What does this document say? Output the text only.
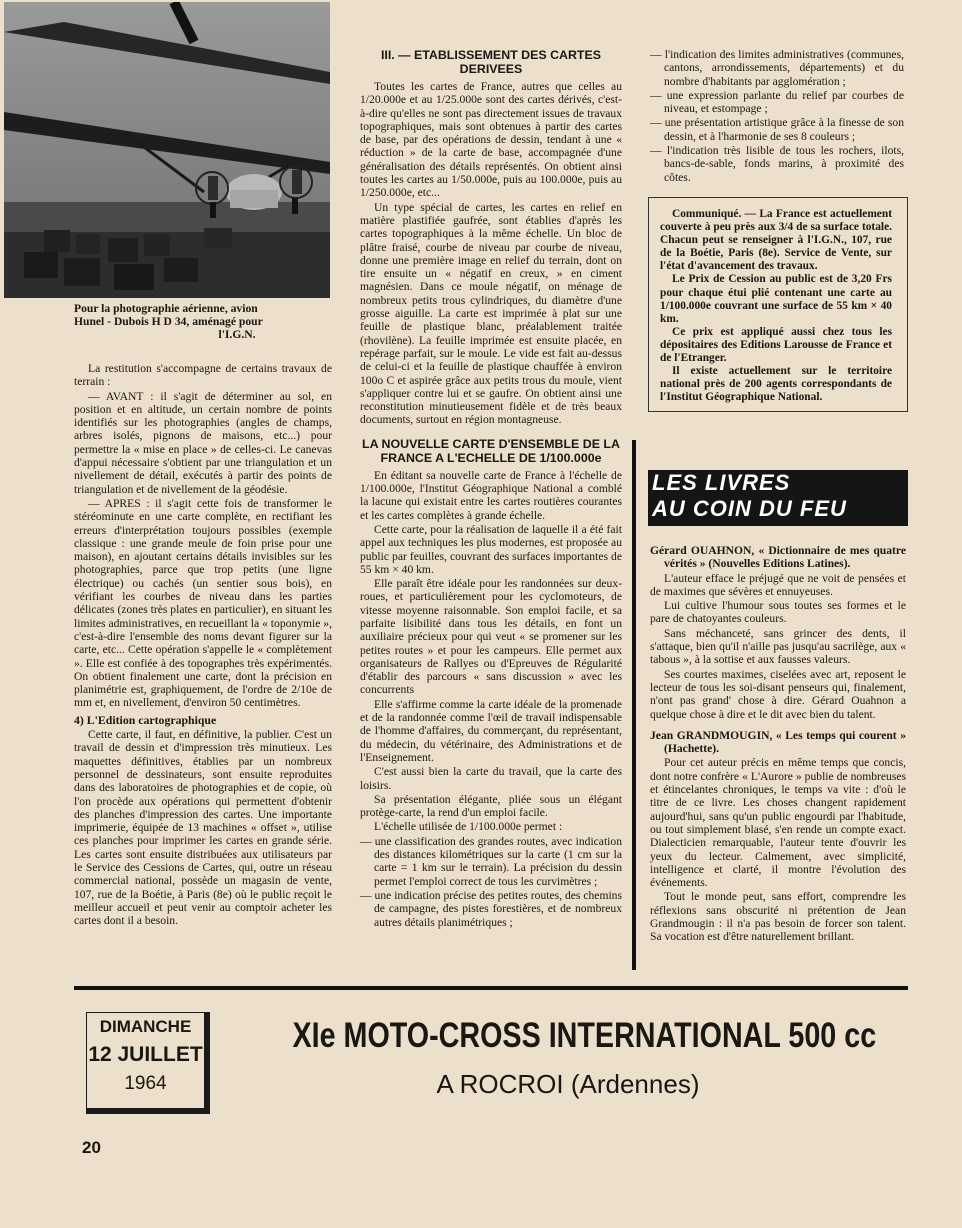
Pour la photographie aérienne, avion
Hunel - Dubois H D 34, aménagé pour
l'I.G.N.

La restitution s'accompagne de certains travaux de terrain :

— AVANT : il s'agit de déterminer au sol, en position et en altitude, un certain nombre de points identifiés sur les photographies (angles de champs, arbres isolés, pignons de maisons, etc...) pour permettre la « mise en place » de celles-ci. Le canevas d'appui nécessaire s'obtient par une triangulation et un nivellement de détail, exécutés à partir des points de triangulation et de nivellement de la géodésie.

— APRES : il s'agit cette fois de transformer le stéréominute en une carte complète, en rectifiant les erreurs d'interprétation toujours possibles (exemple classique : une grande meule de foin prise pour une maison), en ajoutant certains détails invisibles sur les photographies, parce que trop petits (une ligne électrique) ou cachés (un sentier sous bois), en vérifiant les courbes de niveau dans les parties délicates (zones très plates en particulier), en situant les limites administratives, en recueillant la « toponymie », c'est-à-dire l'ensemble des noms devant figurer sur la carte, etc... Cette opération s'appelle le « complètement ». Elle est confiée à des topographes très expérimentés. On obtient finalement une carte, dont la précision en planimétrie est, graphiquement, de l'ordre de 2/10e de mm et, en nivellement, d'environ 50 centimètres.

4) L'Edition cartographique

Cette carte, il faut, en définitive, la publier. C'est un travail de dessin et d'impression très minutieux. Les maquettes définitives, établies par un nombreux personnel de dessinateurs, sont ensuite reproduites dans des laboratoires de photographies et de copie, où l'on procède aux opérations qui permettent d'obtenir des planches d'impression des cartes. Une importante imprimerie, équipée de 13 machines « offset », utilise ces planches pour imprimer les cartes en grande série. Les cartes sont ensuite distribuées aux utilisateurs par le Service des Cessions de Cartes, qui, outre un réseau commercial national, possède un magasin de vente, 107, rue de la Boétie, à Paris (8e) où le public reçoit le meilleur accueil et peut venir au comptoir acheter les cartes dont il a besoin.

III. — ETABLISSEMENT DES CARTES DERIVEES

Toutes les cartes de France, autres que celles au 1/20.000e et au 1/25.000e sont des cartes dérivés, c'est-à-dire qu'elles ne sont pas directement issues de travaux topographiques, mais sont obtenues à partir des cartes de base, par des opérations de dessin, tendant à une « réduction » de la carte de base, accompagnée d'une généralisation des détails représentés. On obtient ainsi toutes les cartes au 1/50.000e, puis au 100.000e, puis au 1/250.000e, etc...

Un type spécial de cartes, les cartes en relief en matière plastifiée gaufrée, sont établies d'après les cartes topographiques à la même échelle. Un bloc de plâtre fraisé, courbe de niveau par courbe de niveau, donne une première image en relief du terrain, dont on tire ensuite un « négatif en creux, » en ciment magnésien. Dans ce moule négatif, on ménage de nombreux petits trous cylindriques, du diamètre d'une grosse aiguille. La carte est imprimée à plat sur une feuille de plastique blanc, préalablement traitée (rhovilène). La feuille imprimée est ensuite placée, en repérage parfait, sur le moule. Le vide est fait au-dessus de celui-ci et la feuille de plastique chauffée à environ 100o C et aspirée grâce aux petits trous du moule, vient s'appliquer contre lui et se gaufre. On obtient ainsi une reconstitution minutieusement fidèle et de très beaux documents, surtout en région montagneuse.

LA NOUVELLE CARTE D'ENSEMBLE DE LA FRANCE A L'ECHELLE DE 1/100.000e

En éditant sa nouvelle carte de France à l'échelle de 1/100.000e, l'Institut Géographique National a comblé la lacune qui existait entre les cartes routières courantes et les cartes complètes à grande échelle.

Cette carte, pour la réalisation de laquelle il a été fait appel aux techniques les plus modernes, est proposée au public par feuilles, couvrant des surfaces importantes de 55 km × 40 km.

Elle paraît être idéale pour les randonnées sur deux-roues, et particulièrement pour les cyclomoteurs, de vitesse moyenne raisonnable. Son emploi facile, et sa parfaite lisibilité dans tous les détails, en font un auxiliaire précieux pour qui veut « se promener sur les petites routes » et pour les campeurs. Elle permet aux organisateurs de Rallyes ou d'Epreuves de Régularité d'établir des parcours « sans discussion » avec les concurrents

Elle s'affirme comme la carte idéale de la promenade et de la randonnée comme l'œil de travail indispensable de l'homme d'affaires, du commerçant, du représentant, du médecin, du vétérinaire, des Administrations et de l'Enseignement.

C'est aussi bien la carte du travail, que la carte des loisirs.

Sa présentation élégante, pliée sous un élégant protège-carte, la rend d'un emploi facile.

L'échelle utilisée de 1/100.000e permet :

— une classification des grandes routes, avec indication des distances kilométriques sur la carte (1 cm sur la carte = 1 km sur le terrain). La précision du dessin permet l'emploi correct de tous les curvimètres ;

— une indication précise des petites routes, des chemins de campagne, des pistes forestières, et de nombreux autres détails planimétriques ;

— l'indication des limites administratives (communes, cantons, arrondissements, départements) et du nombre d'habitants par agglomération ;

— une expression parlante du relief par courbes de niveau, et estompage ;

— une présentation artistique grâce à la finesse de son dessin, et à l'harmonie de ses 8 couleurs ;

— l'indication très lisible de tous les rochers, ilots, bancs-de-sable, fonds marins, à proximité des côtes.

Communiqué. — La France est actuellement couverte à peu près aux 3/4 de sa surface totale. Chacun peut se renseigner à l'I.G.N., 107, rue de la Boétie, Paris (8e). Service de Vente, sur l'état d'avancement des travaux.

Le Prix de Cession au public est de 3,20 Frs pour chaque étui plié contenant une carte au 1/100.000e couvrant une surface de 55 km × 40 km.

Ce prix est appliqué aussi chez tous les dépositaires des Editions Larousse de France et de l'Etranger.

Il existe actuellement sur le territoire national près de 200 agents correspondants de l'Institut Géographique National.

LES LIVRES
AU COIN DU FEU

Gérard OUAHNON, « Dictionnaire de mes quatre vérités » (Nouvelles Editions Latines).

L'auteur efface le préjugé que ne voit de pensées et de maximes que sévères et ennuyeuses.

Lui cultive l'humour sous toutes ses formes et le pare de chatoyantes couleurs.

Sans méchanceté, sans grincer des dents, il s'attaque, bien qu'il n'aille pas jusqu'au sacrilège, aux « tabous », à la sottise et aux fausses valeurs.

Ses courtes maximes, ciselées avec art, reposent le lecteur de tous les soi-disant penseurs qui, finalement, n'ont pas grand' chose à dire. Gérard Ouahnon a quelque chose à dire et le dit avec bien du talent.

Jean GRANDMOUGIN, « Les temps qui courent » (Hachette).

Pour cet auteur précis en même temps que concis, dont notre confrère « L'Aurore » publie de nombreuses et étincelantes chroniques, le temps va vite : d'où le titre de ce livre. Les choses changent rapidement aujourd'hui, sans qu'un public engourdi par l'habitude, ou tout simplement blasé, s'en rende un compte exact. Dialecticien remarquable, l'auteur tente d'ouvrir les yeux du lecteur. Calmement, avec simplicité, intelligence et clarté, il montre l'évolution des événements.

Tout le monde peut, sans effort, comprendre les réflexions sans obscurité ni prétention de Jean Grandmougin : il n'a pas besoin de forcer son talent. Sa vocation est d'être naturellement brillant.

DIMANCHE
12 JUILLET
1964
XIe MOTO-CROSS INTERNATIONAL 500 cc
A ROCROI (Ardennes)
20
